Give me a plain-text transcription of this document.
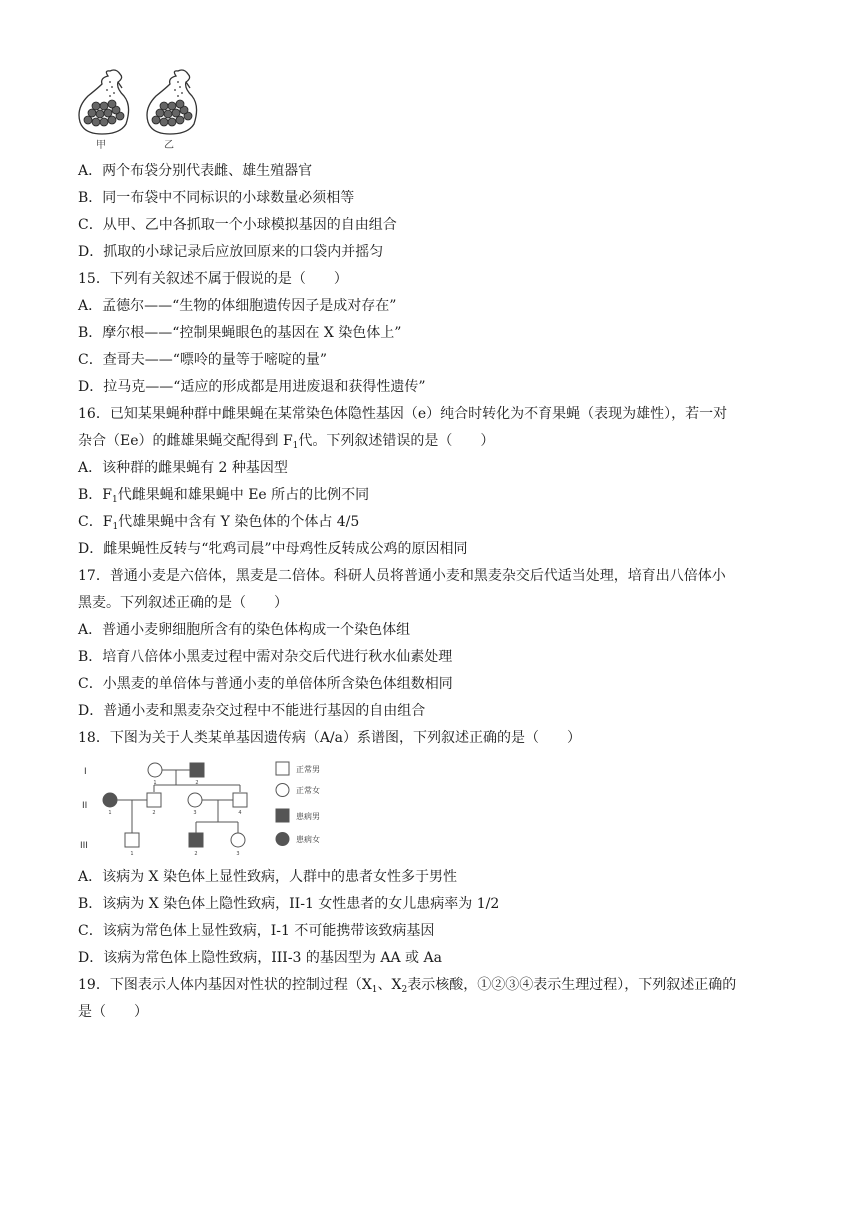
甲	乙
A．两个布袋分别代表雌、雄生殖器官
B．同一布袋中不同标识的小球数量必须相等
C．从甲、乙中各抓取一个小球模拟基因的自由组合
D．抓取的小球记录后应放回原来的口袋内并摇匀
15．下列有关叙述不属于假说的是（　　）
A．孟德尔——“生物的体细胞遗传因子是成对存在”
B．摩尔根——“控制果蝇眼色的基因在 X 染色体上”
C．查哥夫——“嘌呤的量等于嘧啶的量”
D．拉马克——“适应的形成都是用进废退和获得性遗传”
16．已知某果蝇种群中雌果蝇在某常染色体隐性基因（e）纯合时转化为不育果蝇（表现为雄性），若一对
杂合（Ee）的雌雄果蝇交配得到 $F_1$代。下列叙述错误的是（　　）
A．该种群的雌果蝇有 2 种基因型
B．$F_1$代雌果蝇和雄果蝇中 Ee 所占的比例不同
C．$F_1$代雄果蝇中含有 Y 染色体的个体占 4/5
D．雌果蝇性反转与“牝鸡司晨”中母鸡性反转成公鸡的原因相同
17．普通小麦是六倍体，黑麦是二倍体。科研人员将普通小麦和黑麦杂交后代适当处理，培育出八倍体小
黑麦。下列叙述正确的是（　　）
A．普通小麦卵细胞所含有的染色体构成一个染色体组
B．培育八倍体小黑麦过程中需对杂交后代进行秋水仙素处理
C．小黑麦的单倍体与普通小麦的单倍体所含染色体组数相同
D．普通小麦和黑麦杂交过程中不能进行基因的自由组合
18．下图为关于人类某单基因遗传病（A/a）系谱图，下列叙述正确的是（　　）
I
II
III
1	2
1	2	3	4
1	2	3
正常男
正常女
患病男
患病女
A．该病为 X 染色体上显性致病，人群中的患者女性多于男性
B．该病为 X 染色体上隐性致病，II-1 女性患者的女儿患病率为 1/2
C．该病为常色体上显性致病，I-1 不可能携带该致病基因
D．该病为常色体上隐性致病，III-3 的基因型为 AA 或 Aa
19．下图表示人体内基因对性状的控制过程（$X_1$、$X_2$表示核酸，①②③④表示生理过程），下列叙述正确的
是（　　）
